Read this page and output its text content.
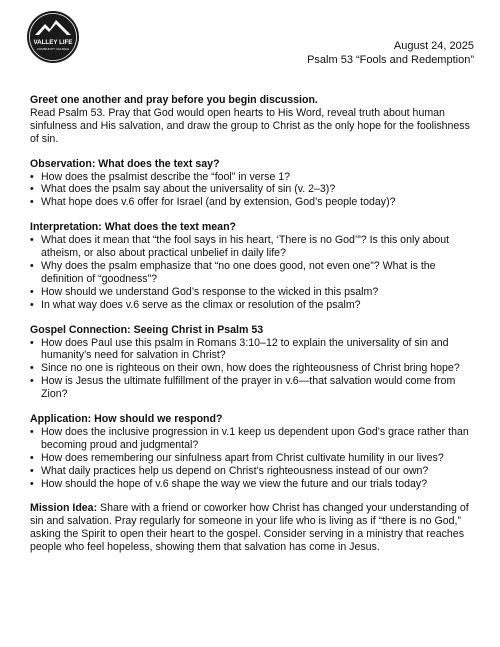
VALLEY LIFE
COMMUNITY CHURCH	August 24, 2025
Psalm 53 “Fools and Redemption”
Greet one another and pray before you begin discussion.

Read Psalm 53. Pray that God would open hearts to His Word, reveal truth about human sinfulness and His salvation, and draw the group to Christ as the only hope for the foolishness of sin.

Observation: What does the text say?
• How does the psalmist describe the “fool” in verse 1?
• What does the psalm say about the universality of sin (v. 2–3)?
• What hope does v.6 offer for Israel (and by extension, God’s people today)?
Interpretation: What does the text mean?
• What does it mean that “the fool says in his heart, ‘There is no God’”? Is this only about atheism, or also about practical unbelief in daily life?
• Why does the psalm emphasize that “no one does good, not even one”? What is the definition of “goodness”?
• How should we understand God’s response to the wicked in this psalm?
• In what way does v.6 serve as the climax or resolution of the psalm?
Gospel Connection: Seeing Christ in Psalm 53
• How does Paul use this psalm in Romans 3:10–12 to explain the universality of sin and humanity’s need for salvation in Christ?
• Since no one is righteous on their own, how does the righteousness of Christ bring hope?
• How is Jesus the ultimate fulfillment of the prayer in v.6—that salvation would come from Zion?
Application: How should we respond?
• How does the inclusive progression in v.1 keep us dependent upon God’s grace rather than becoming proud and judgmental?
• How does remembering our sinfulness apart from Christ cultivate humility in our lives?
• What daily practices help us depend on Christ’s righteousness instead of our own?
• How should the hope of v.6 shape the way we view the future and our trials today?

Mission Idea: Share with a friend or coworker how Christ has changed your understanding of sin and salvation. Pray regularly for someone in your life who is living as if “there is no God,” asking the Spirit to open their heart to the gospel. Consider serving in a ministry that reaches people who feel hopeless, showing them that salvation has come in Jesus.
